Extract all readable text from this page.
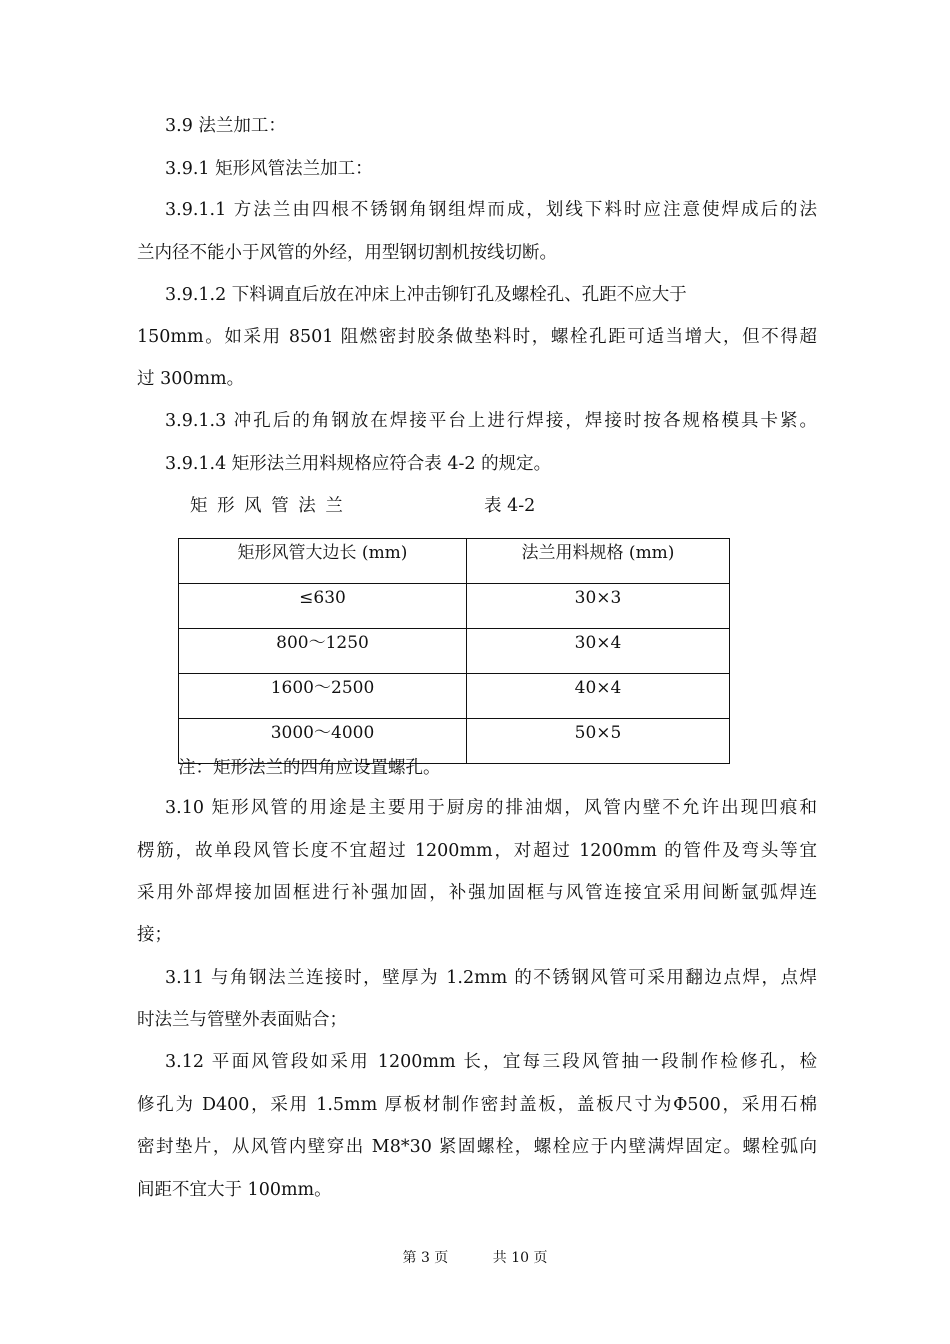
3.9 法兰加工：
3.9.1 矩形风管法兰加工：
3.9.1.1 方法兰由四根不锈钢角钢组焊而成，划线下料时应注意使焊成后的法
兰内径不能小于风管的外经，用型钢切割机按线切断。
3.9.1.2 下料调直后放在冲床上冲击铆钉孔及螺栓孔、孔距不应大于
150mm。如采用 8501 阻燃密封胶条做垫料时，螺栓孔距可适当增大，但不得超
过 300mm。
3.9.1.3 冲孔后的角钢放在焊接平台上进行焊接，焊接时按各规格模具卡紧。
3.9.1.4 矩形法兰用料规格应符合表 4-2 的规定。
矩 形 风 管 法 兰	表 4-2
矩形风管大边长 (mm)	法兰用料规格 (mm)
≤630	30×3
800～1250	30×4
1600～2500	40×4
3000～4000	50×5
注：矩形法兰的四角应设置螺孔。
3.10 矩形风管的用途是主要用于厨房的排油烟，风管内壁不允许出现凹痕和
楞筋，故单段风管长度不宜超过 1200mm，对超过 1200mm 的管件及弯头等宜
采用外部焊接加固框进行补强加固，补强加固框与风管连接宜采用间断氩弧焊连
接；
3.11 与角钢法兰连接时，壁厚为 1.2mm 的不锈钢风管可采用翻边点焊，点焊
时法兰与管壁外表面贴合；
3.12 平面风管段如采用 1200mm 长，宜每三段风管抽一段制作检修孔，检
修孔为 D400，采用 1.5mm 厚板材制作密封盖板，盖板尺寸为Φ500，采用石棉
密封垫片，从风管内壁穿出 M8*30 紧固螺栓，螺栓应于内壁满焊固定。螺栓弧向
间距不宜大于 100mm。
第 3 页	共 10 页
